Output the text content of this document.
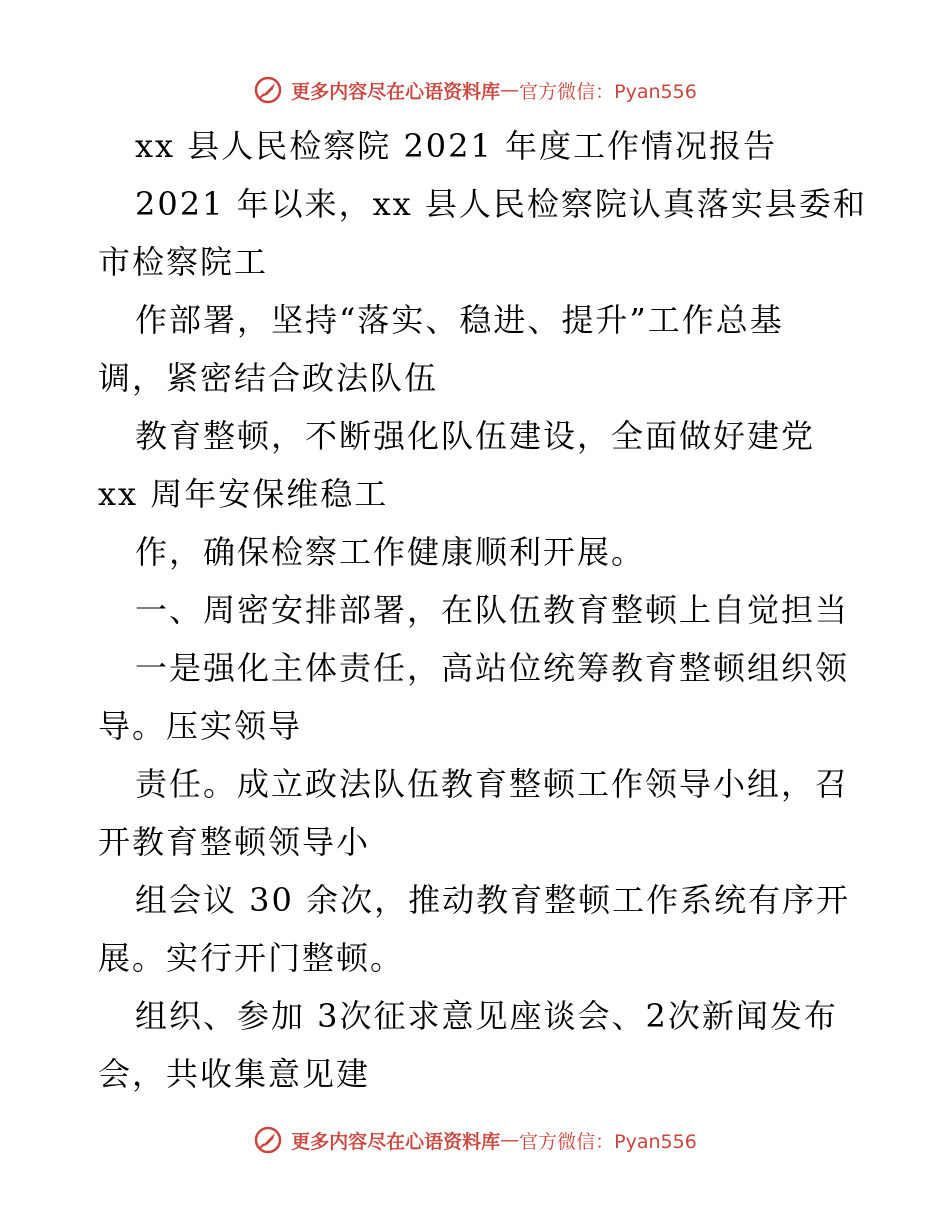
更多内容尽在心语资料库 — 官方微信：Pyan556
xx 县人民检察院 2021 年度工作情况报告
2021 年以来，xx 县人民检察院认真落实县委和
市检察院工
作部署，坚持“落实、稳进、提升”工作总基
调，紧密结合政法队伍
教育整顿，不断强化队伍建设，全面做好建党
xx 周年安保维稳工
作，确保检察工作健康顺利开展。
一、周密安排部署，在队伍教育整顿上自觉担当
一是强化主体责任，高站位统筹教育整顿组织领
导。压实领导
责任。成立政法队伍教育整顿工作领导小组，召
开教育整顿领导小
组会议 30 余次，推动教育整顿工作系统有序开
展。实行开门整顿。
组织、参加 3次征求意见座谈会、2次新闻发布
会，共收集意见建
更多内容尽在心语资料库 — 官方微信：Pyan556
